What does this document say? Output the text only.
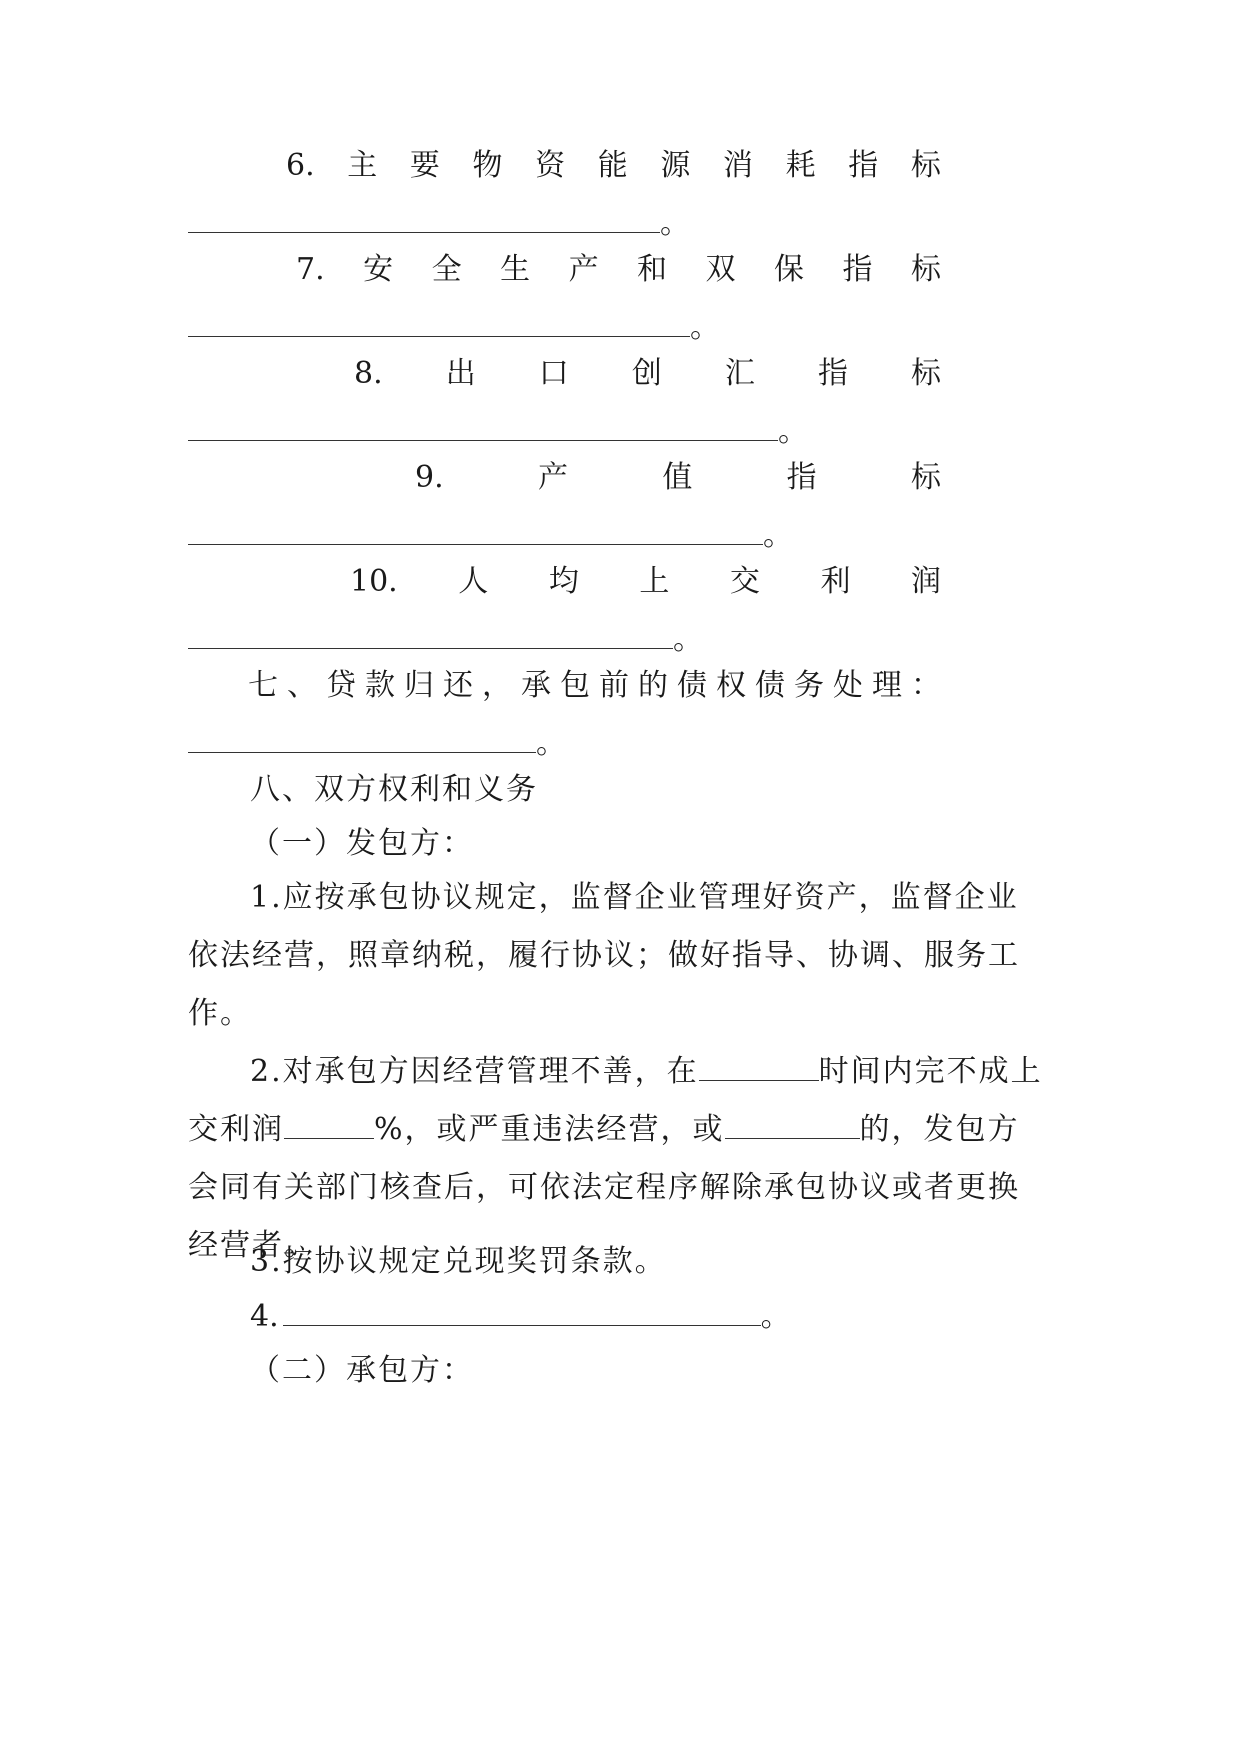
6. 主 要 物 资 能 源 消 耗 指 标
。
7. 安 全 生 产 和 双 保 指 标
。
8. 出 口 创 汇 指 标
。
9.	产	值	指	标
。
10. 人 均 上 交 利 润
。
七 、 贷 款 归 还 ， 承 包 前 的 债 权 债 务 处 理 ：
。
八、双方权利和义务
（一）发包方：
1.应按承包协议规定，监督企业管理好资产，监督企业依法经营，照章纳税，履行协议；做好指导、协调、服务工作。
2.对承包方因经营管理不善，在	时间内完不成上交利润	%，或严重违法经营，或	的，发包方会同有关部门核查后，可依法定程序解除承包协议或者更换经营者。
3.按协议规定兑现奖罚条款。
4.	。
（二）承包方：
